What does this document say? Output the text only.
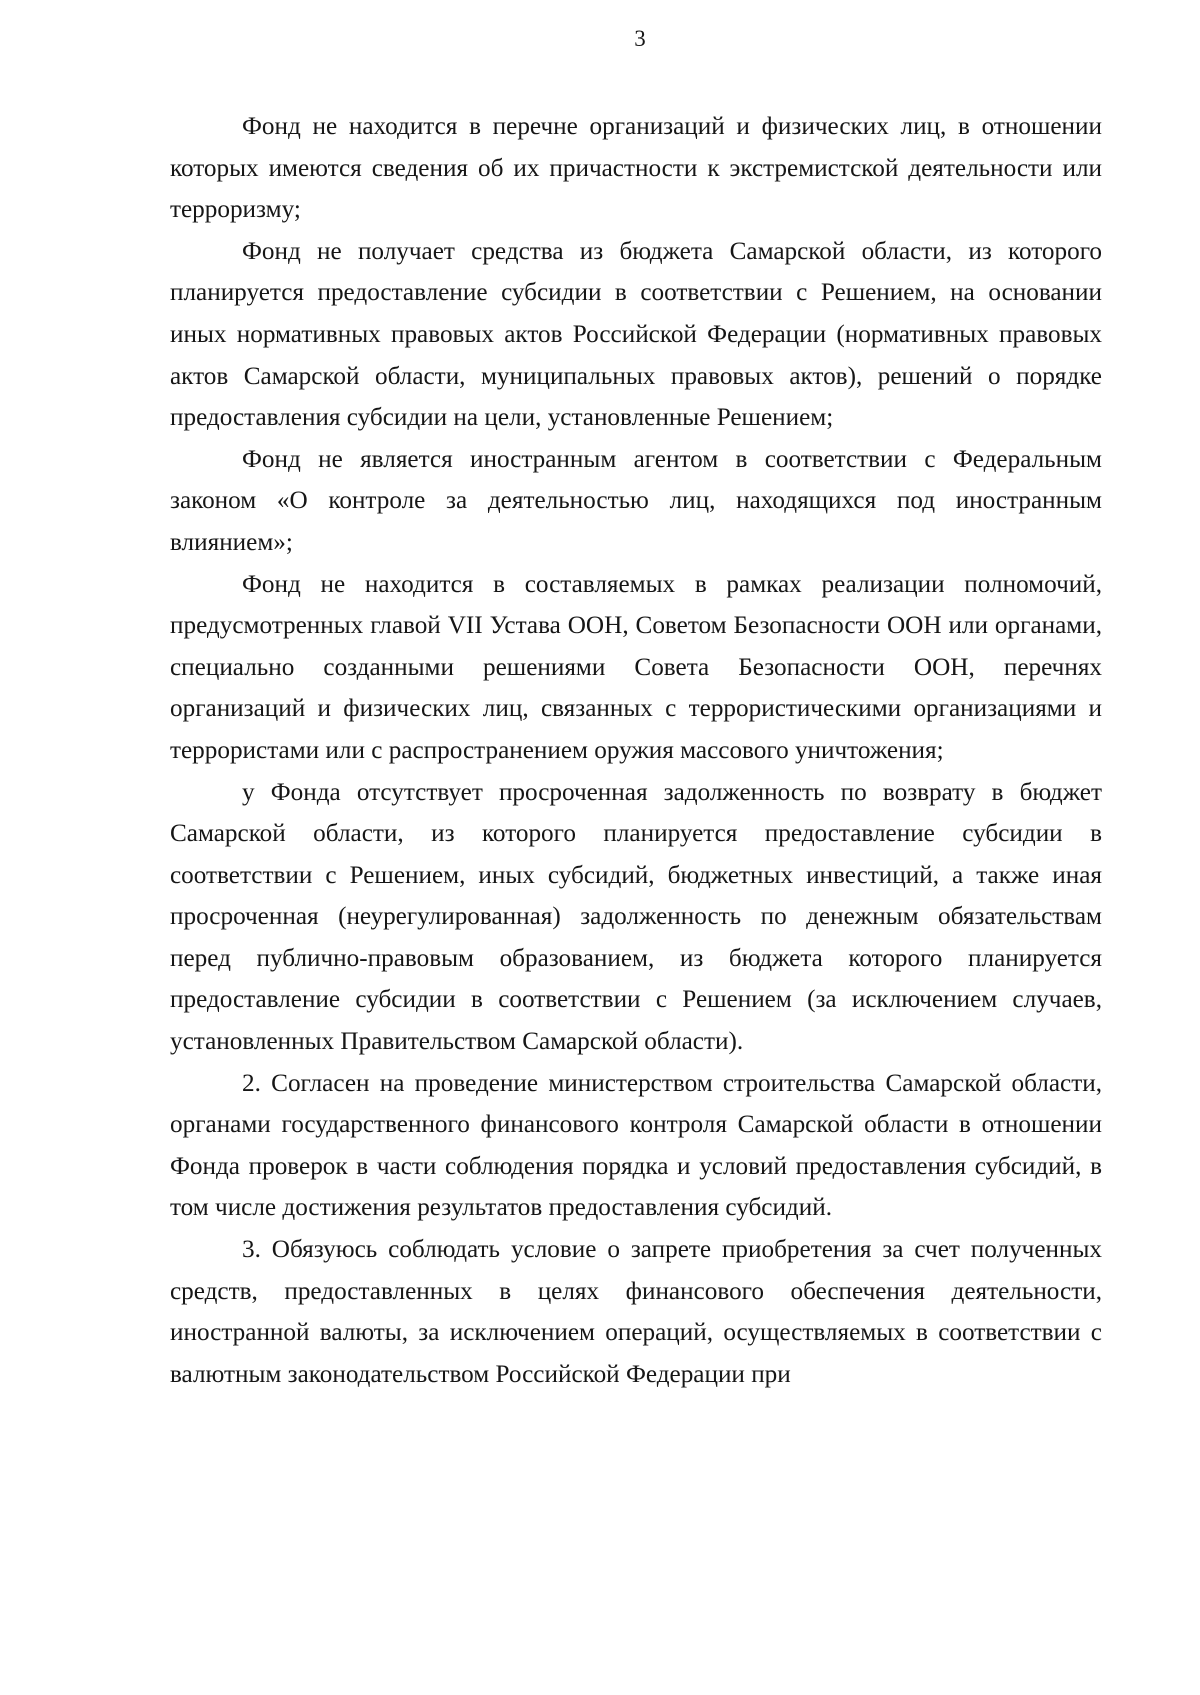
3

Фонд не находится в перечне организаций и физических лиц, в отношении которых имеются сведения об их причастности к экстремистской деятельности или терроризму;

Фонд не получает средства из бюджета Самарской области, из которого планируется предоставление субсидии в соответствии с Решением, на основании иных нормативных правовых актов Российской Федерации (нормативных правовых актов Самарской области, муниципальных правовых актов), решений о порядке предоставления субсидии на цели, установленные Решением;

Фонд не является иностранным агентом в соответствии с Федеральным законом «О контроле за деятельностью лиц, находящихся под иностранным влиянием»;

Фонд не находится в составляемых в рамках реализации полномочий, предусмотренных главой VII Устава ООН, Советом Безопасности ООН или органами, специально созданными решениями Совета Безопасности ООН, перечнях организаций и физических лиц, связанных с террористическими организациями и террористами или с распространением оружия массового уничтожения;

у Фонда отсутствует просроченная задолженность по возврату в бюджет Самарской области, из которого планируется предоставление субсидии в соответствии с Решением, иных субсидий, бюджетных инвестиций, а также иная просроченная (неурегулированная) задолженность по денежным обязательствам перед публично-правовым образованием, из бюджета которого планируется предоставление субсидии в соответствии с Решением (за исключением случаев, установленных Правительством Самарской области).

2. Согласен на проведение министерством строительства Самарской области, органами государственного финансового контроля Самарской области в отношении Фонда проверок в части соблюдения порядка и условий предоставления субсидий, в том числе достижения результатов предоставления субсидий.

3. Обязуюсь соблюдать условие о запрете приобретения за счет полученных средств, предоставленных в целях финансового обеспечения деятельности, иностранной валюты, за исключением операций, осуществляемых в соответствии с валютным законодательством Российской Федерации при
